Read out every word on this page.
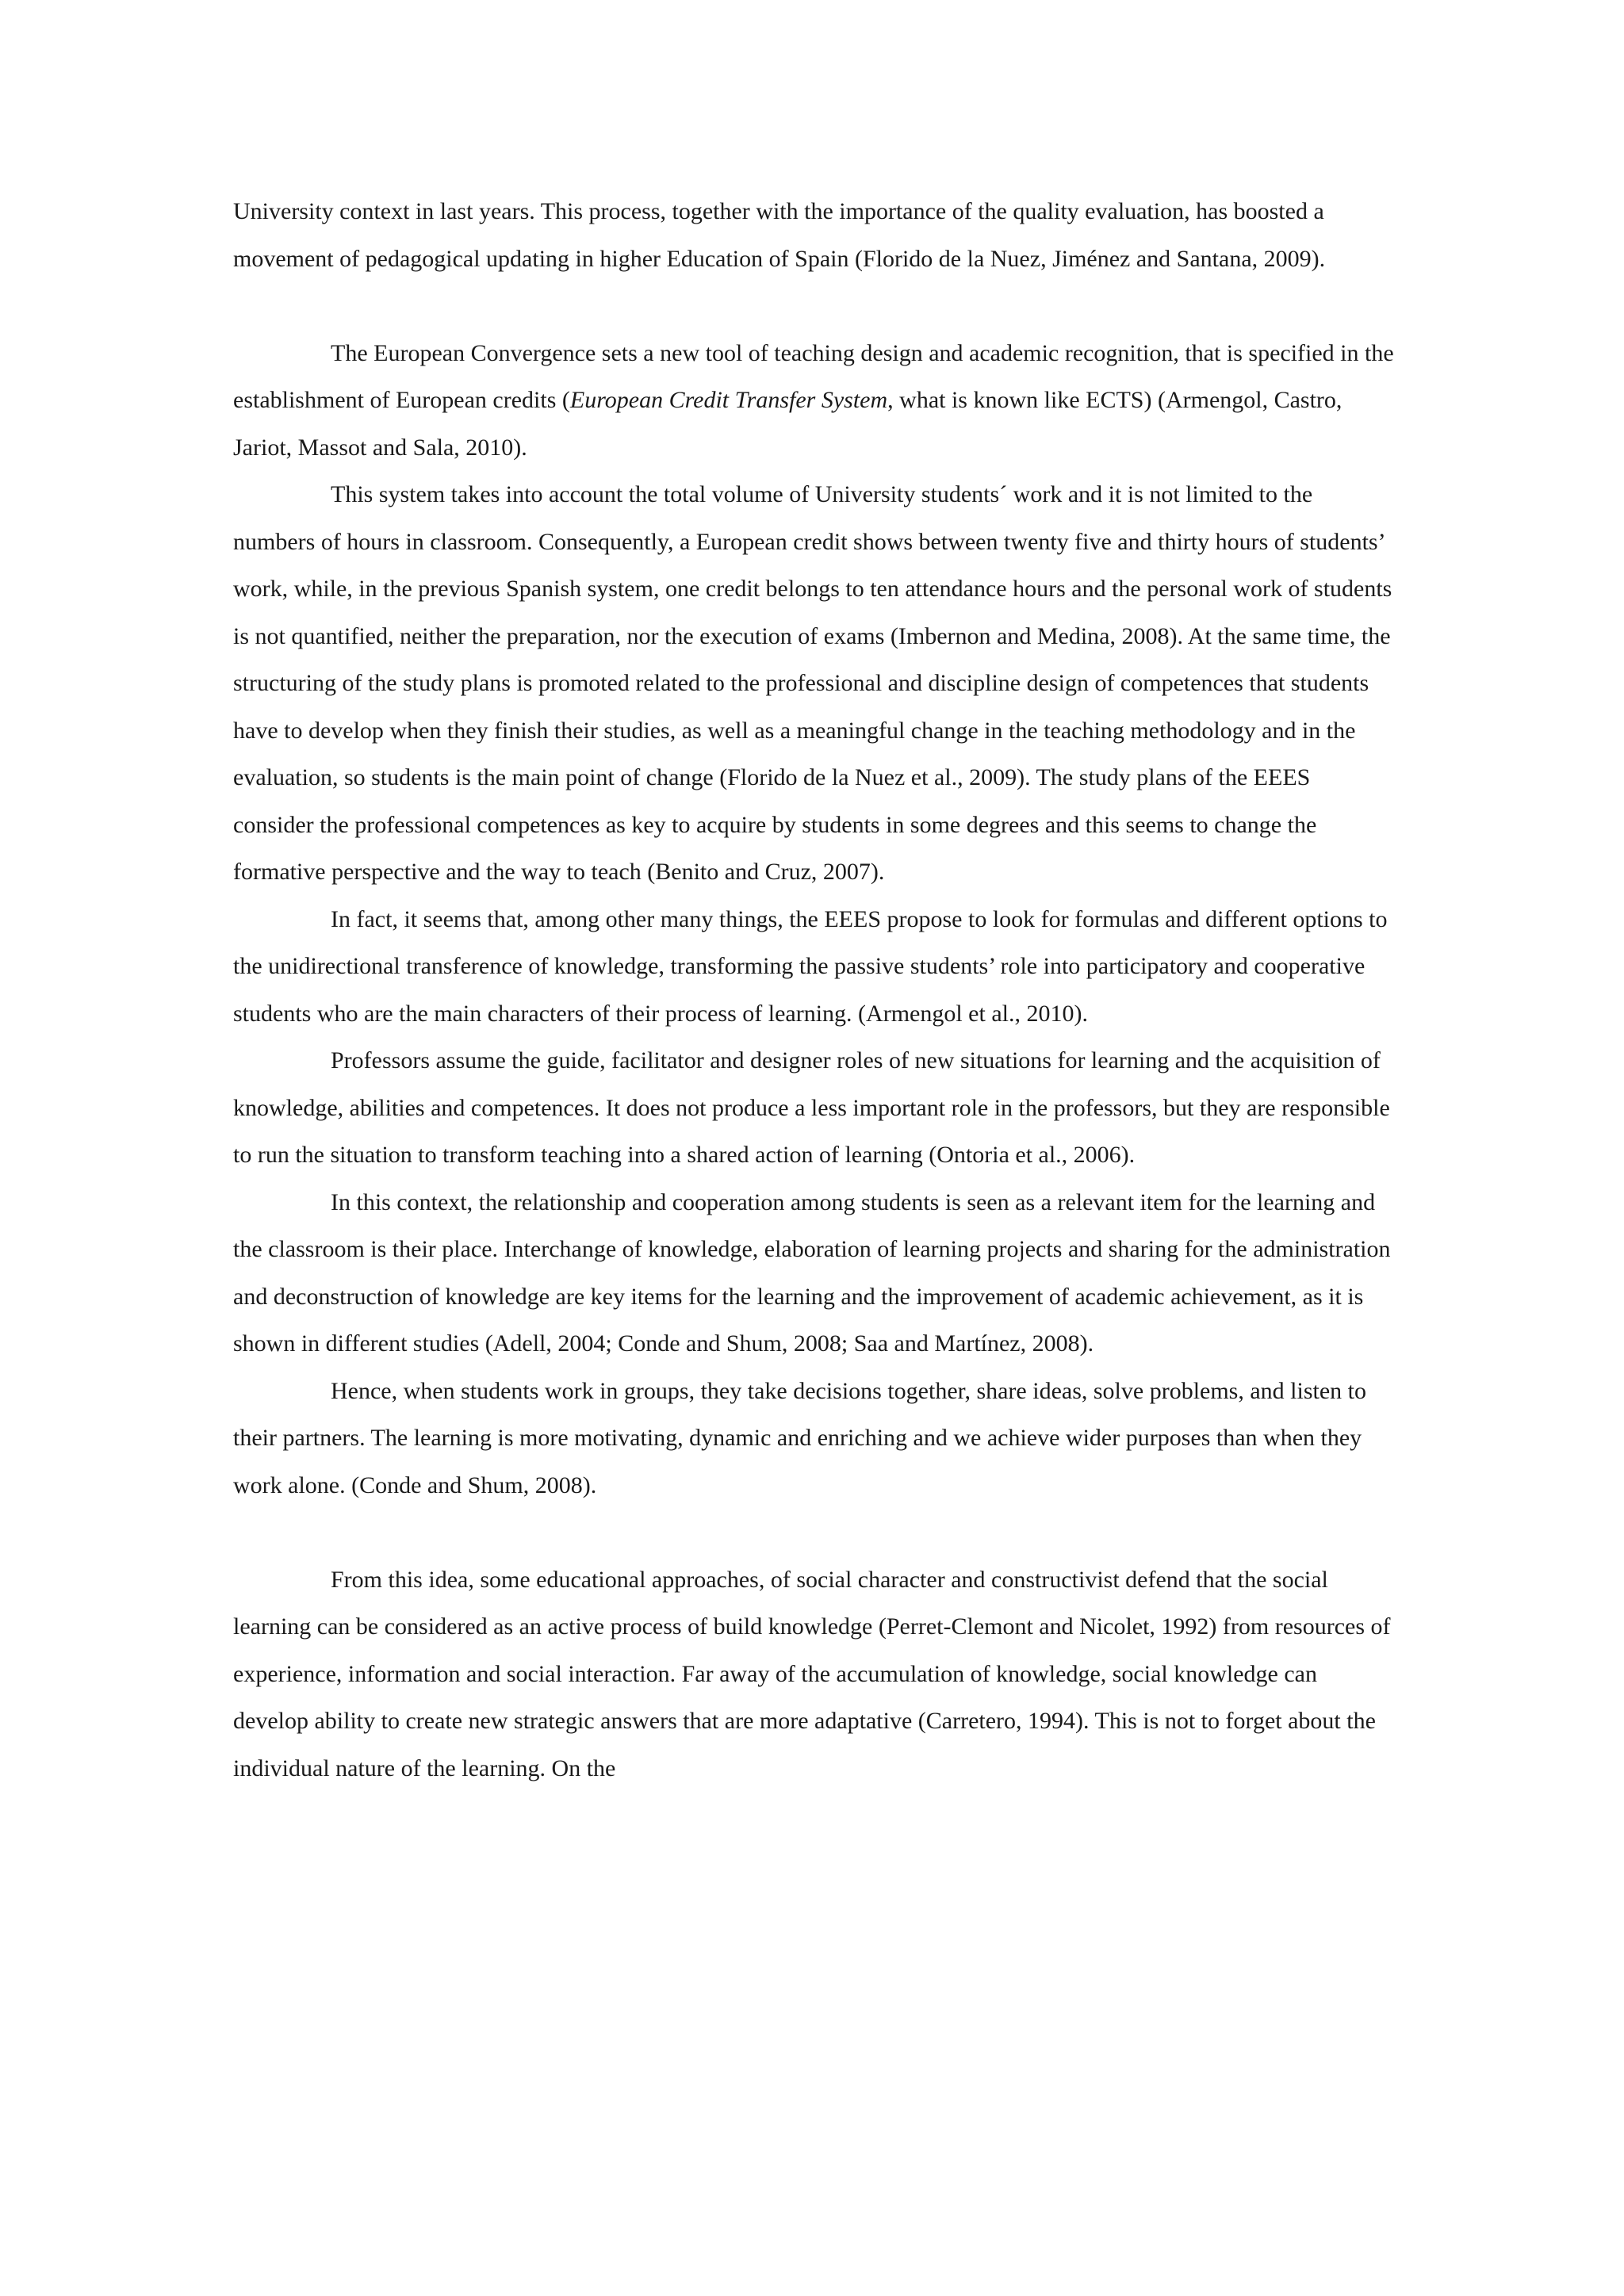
University context in last years. This process, together with the importance of the quality evaluation, has boosted a movement of pedagogical updating in higher Education of Spain (Florido de la Nuez, Jiménez and Santana, 2009).

The European Convergence sets a new tool of teaching design and academic recognition, that is specified in the establishment of European credits (European Credit Transfer System, what is known like ECTS) (Armengol, Castro, Jariot, Massot and Sala, 2010).

This system takes into account the total volume of University students´ work and it is not limited to the numbers of hours in classroom. Consequently, a European credit shows between twenty five and thirty hours of students’ work, while, in the previous Spanish system, one credit belongs to ten attendance hours and the personal work of students is not quantified, neither the preparation, nor the execution of exams (Imbernon and Medina, 2008). At the same time, the structuring of the study plans is promoted related to the professional and discipline design of competences that students have to develop when they finish their studies, as well as a meaningful change in the teaching methodology and in the evaluation, so students is the main point of change (Florido de la Nuez et al., 2009). The study plans of the EEES consider the professional competences as key to acquire by students in some degrees and this seems to change the formative perspective and the way to teach (Benito and Cruz, 2007).

In fact, it seems that, among other many things, the EEES propose to look for formulas and different options to the unidirectional transference of knowledge, transforming the passive students’ role into participatory and cooperative students who are the main characters of their process of learning. (Armengol et al., 2010).

Professors assume the guide, facilitator and designer roles of new situations for learning and the acquisition of knowledge, abilities and competences. It does not produce a less important role in the professors, but they are responsible to run the situation to transform teaching into a shared action of learning (Ontoria et al., 2006).

In this context, the relationship and cooperation among students is seen as a relevant item for the learning and the classroom is their place. Interchange of knowledge, elaboration of learning projects and sharing for the administration and deconstruction of knowledge are key items for the learning and the improvement of academic achievement, as it is shown in different studies (Adell, 2004; Conde and Shum, 2008; Saa and Martínez, 2008).

Hence, when students work in groups, they take decisions together, share ideas, solve problems, and listen to their partners. The learning is more motivating, dynamic and enriching and we achieve wider purposes than when they work alone. (Conde and Shum, 2008).

From this idea, some educational approaches, of social character and constructivist defend that the social learning can be considered as an active process of build knowledge (Perret-Clemont and Nicolet, 1992) from resources of experience, information and social interaction. Far away of the accumulation of knowledge, social knowledge can develop ability to create new strategic answers that are more adaptative (Carretero, 1994). This is not to forget about the individual nature of the learning. On the
